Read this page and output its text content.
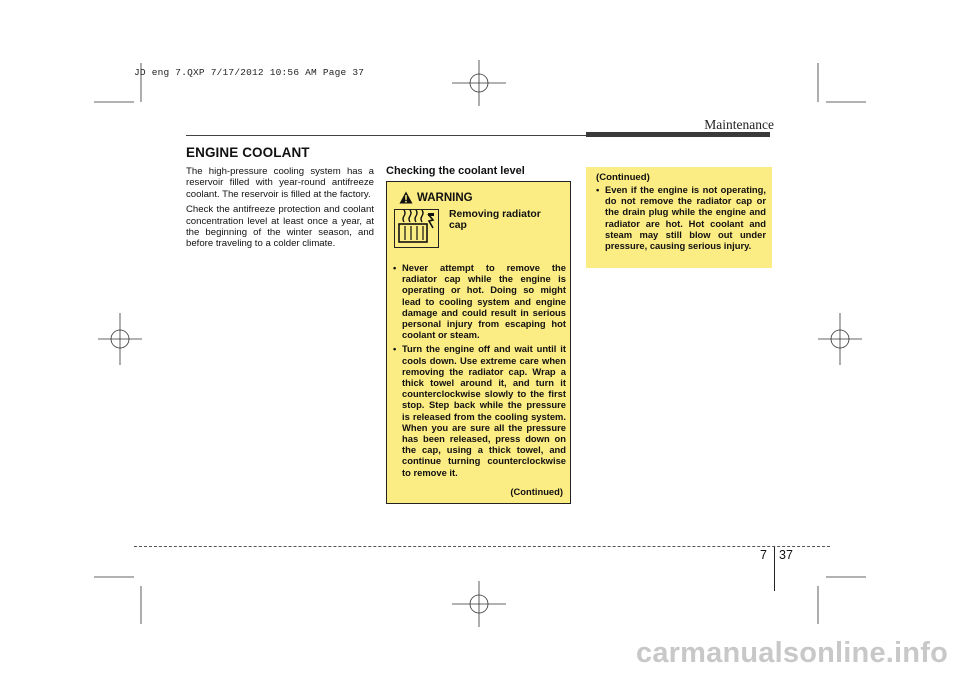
JD eng 7.QXP 7/17/2012 10:56 AM Page 37
Maintenance
ENGINE COOLANT

The high-pressure cooling system has a reservoir filled with year-round antifreeze coolant. The reservoir is filled at the factory.

Check the antifreeze protection and coolant concentration level at least once a year, at the beginning of the winter season, and before traveling to a colder climate.

Checking the coolant level
WARNING
Removing radiator cap
• Never attempt to remove the radiator cap while the engine is operating or hot. Doing so might lead to cooling system and engine damage and could result in serious personal injury from escaping hot coolant or steam.
• Turn the engine off and wait until it cools down. Use extreme care when removing the radiator cap. Wrap a thick towel around it, and turn it counterclockwise slowly to the first stop. Step back while the pressure is released from the cooling system. When you are sure all the pressure has been released, press down on the cap, using a thick towel, and continue turning counterclockwise to remove it.
(Continued)
(Continued)
• Even if the engine is not operating, do not remove the radiator cap or the drain plug while the engine and radiator are hot. Hot coolant and steam may still blow out under pressure, causing serious injury.
7 37
carmanualsonline.info
